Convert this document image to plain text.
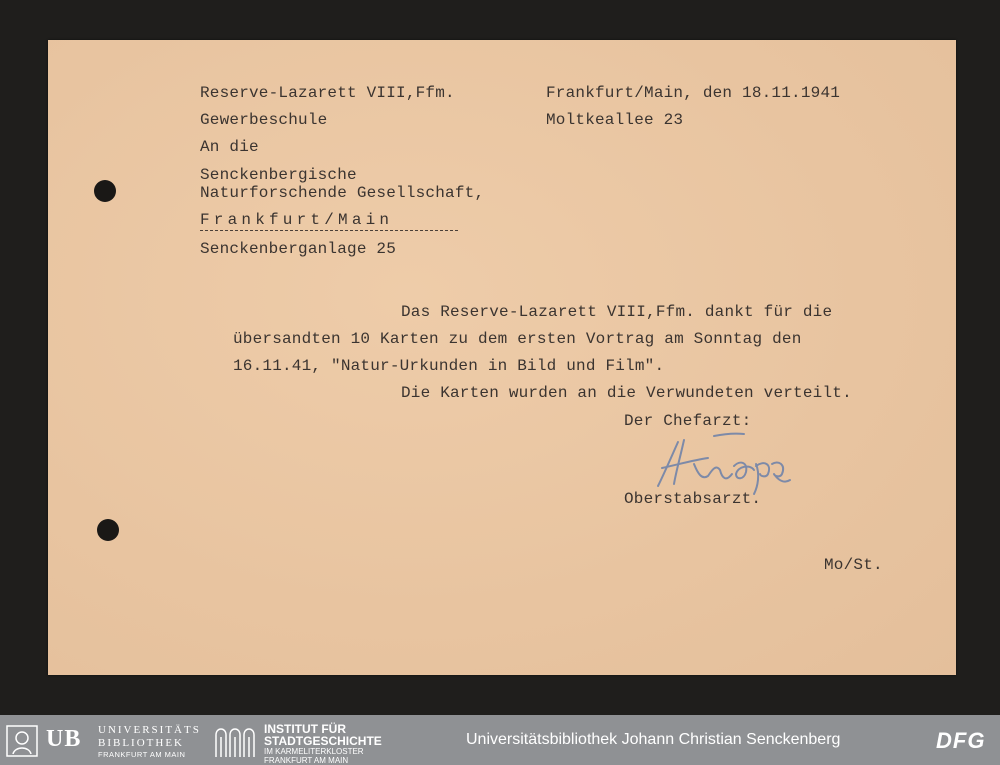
Reserve-Lazarett VIII,Ffm.
Gewerbeschule
Frankfurt/Main, den 18.11.1941
Moltkeallee 23
An die
Senckenbergische
Naturforschende Gesellschaft,
Frankfurt/Main
Senckenberganlage 25
Das Reserve-Lazarett VIII,Ffm. dankt für die
übersandten 10 Karten zu dem ersten Vortrag am Sonntag den
16.11.41, "Natur-Urkunden in Bild und Film".
Die Karten wurden an die Verwundeten verteilt.
Der Chefarzt:
Oberstabsarzt.
Mo/St.
UB UNIVERSITÄTS
BIBLIOTHEK
FRANKFURT AM MAIN
INSTITUT FÜR
STADTGESCHICHTE
IM KARMELITERKLOSTER
FRANKFURT AM MAIN
Universitätsbibliothek Johann Christian Senckenberg	DFG
